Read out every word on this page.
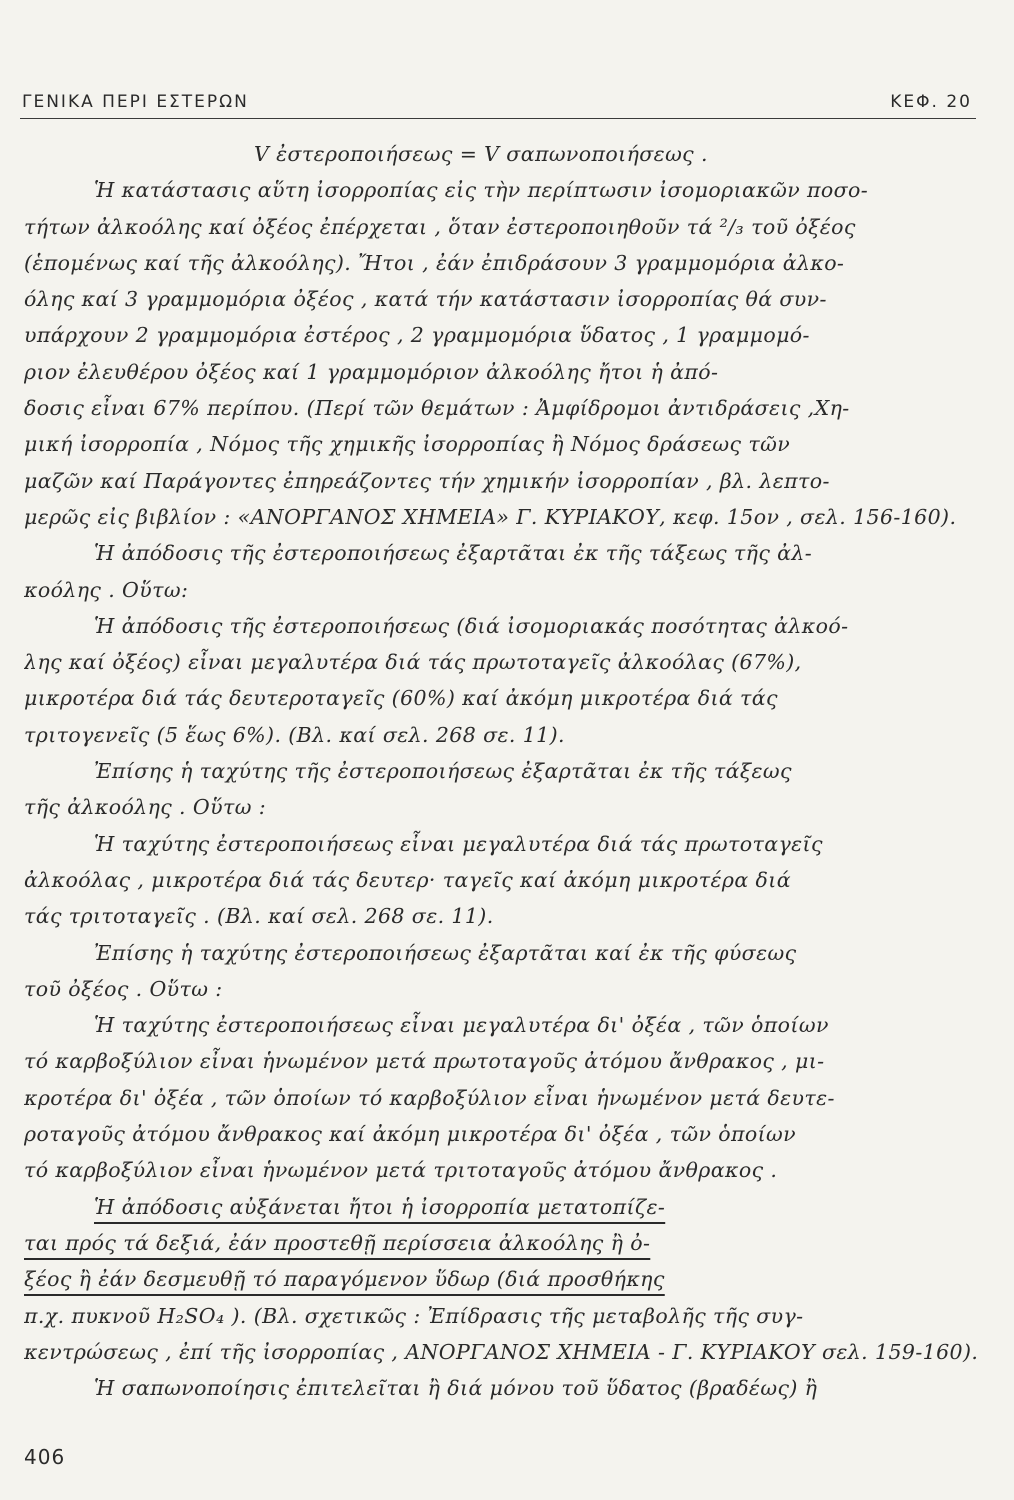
ΓΕΝΙΚΑ ΠΕΡΙ ΕΣΤΕΡΩΝ	ΚΕΦ. 20
V ἐστεροποιήσεως = V σαπωνοποιήσεως .
Ἡ κατάστασις αὕτη ἰσορροπίας εἰς τὴν περίπτωσιν ἰσομοριακῶν ποσο-
τήτων ἀλκοόλης καί ὀξέος ἐπέρχεται , ὅταν ἐστεροποιηθοῦν τά ²/₃ τοῦ ὀξέος
(ἑπομένως καί τῆς ἀλκοόλης). Ἤτοι , ἐάν ἐπιδράσουν 3 γραμμομόρια ἀλκο-
όλης καί 3 γραμμομόρια ὀξέος , κατά τήν κατάστασιν ἰσορροπίας θά συν-
υπάρχουν 2 γραμμομόρια ἐστέρος , 2 γραμμομόρια ὕδατος , 1 γραμμομό-
ριον ἐλευθέρου ὀξέος καί 1 γραμμομόριον ἀλκοόλης ἤτοι ἡ ἀπό-
δοσις εἶναι 67% περίπου. (Περί τῶν θεμάτων : Ἀμφίδρομοι ἀντιδράσεις ,Χη-
μική ἰσορροπία , Νόμος τῆς χημικῆς ἰσορροπίας ἢ Νόμος δράσεως τῶν
μαζῶν καί Παράγοντες ἐπηρεάζοντες τήν χημικήν ἰσορροπίαν , βλ. λεπτο-
μερῶς εἰς βιβλίον : «ΑΝΟΡΓΑΝΟΣ ΧΗΜΕΙΑ» Γ. ΚΥΡΙΑΚΟΥ, κεφ. 15ον , σελ. 156-160).
Ἡ ἀπόδοσις τῆς ἐστεροποιήσεως ἐξαρτᾶται ἐκ τῆς τάξεως τῆς ἀλ-
κοόλης . Οὕτω:
Ἡ ἀπόδοσις τῆς ἐστεροποιήσεως (διά ἰσομοριακάς ποσότητας ἀλκοό-
λης καί ὀξέος) εἶναι μεγαλυτέρα διά τάς πρωτοταγεῖς ἀλκοόλας (67%),
μικροτέρα διά τάς δευτεροταγεῖς (60%) καί ἀκόμη μικροτέρα διά τάς
τριτογενεῖς (5 ἕως 6%). (Βλ. καί σελ. 268 σε. 11).
Ἐπίσης ἡ ταχύτης τῆς ἐστεροποιήσεως ἐξαρτᾶται ἐκ τῆς τάξεως
τῆς ἀλκοόλης . Οὕτω :
Ἡ ταχύτης ἐστεροποιήσεως εἶναι μεγαλυτέρα διά τάς πρωτοταγεῖς
ἀλκοόλας , μικροτέρα διά τάς δευτερ· ταγεῖς καί ἀκόμη μικροτέρα διά
τάς τριτοταγεῖς . (Βλ. καί σελ. 268 σε. 11).
Ἐπίσης ἡ ταχύτης ἐστεροποιήσεως ἐξαρτᾶται καί ἐκ τῆς φύσεως
τοῦ ὀξέος . Οὕτω :
Ἡ ταχύτης ἐστεροποιήσεως εἶναι μεγαλυτέρα δι' ὀξέα , τῶν ὁποίων
τό καρβοξύλιον εἶναι ἡνωμένον μετά πρωτοταγοῦς ἀτόμου ἄνθρακος , μι-
κροτέρα δι' ὀξέα , τῶν ὁποίων τό καρβοξύλιον εἶναι ἡνωμένον μετά δευτε-
ροταγοῦς ἀτόμου ἄνθρακος καί ἀκόμη μικροτέρα δι' ὀξέα , τῶν ὁποίων
τό καρβοξύλιον εἶναι ἡνωμένον μετά τριτοταγοῦς ἀτόμου ἄνθρακος .
Ἡ ἀπόδοσις αὐξάνεται ἤτοι ἡ ἰσορροπία μετατοπίζε-
ται πρός τά δεξιά, ἐάν προστεθῇ περίσσεια ἀλκοόλης ἢ ὀ-
ξέος ἢ ἐάν δεσμευθῇ τό παραγόμενον ὕδωρ (διά προσθήκης
π.χ. πυκνοῦ H₂SO₄ ). (Βλ. σχετικῶς : Ἐπίδρασις τῆς μεταβολῆς τῆς συγ-
κεντρώσεως , ἐπί τῆς ἰσορροπίας , ΑΝΟΡΓΑΝΟΣ ΧΗΜΕΙΑ - Γ. ΚΥΡΙΑΚΟΥ σελ. 159-160).
Ἡ σαπωνοποίησις ἐπιτελεῖται ἢ διά μόνου τοῦ ὕδατος (βραδέως) ἢ
406
